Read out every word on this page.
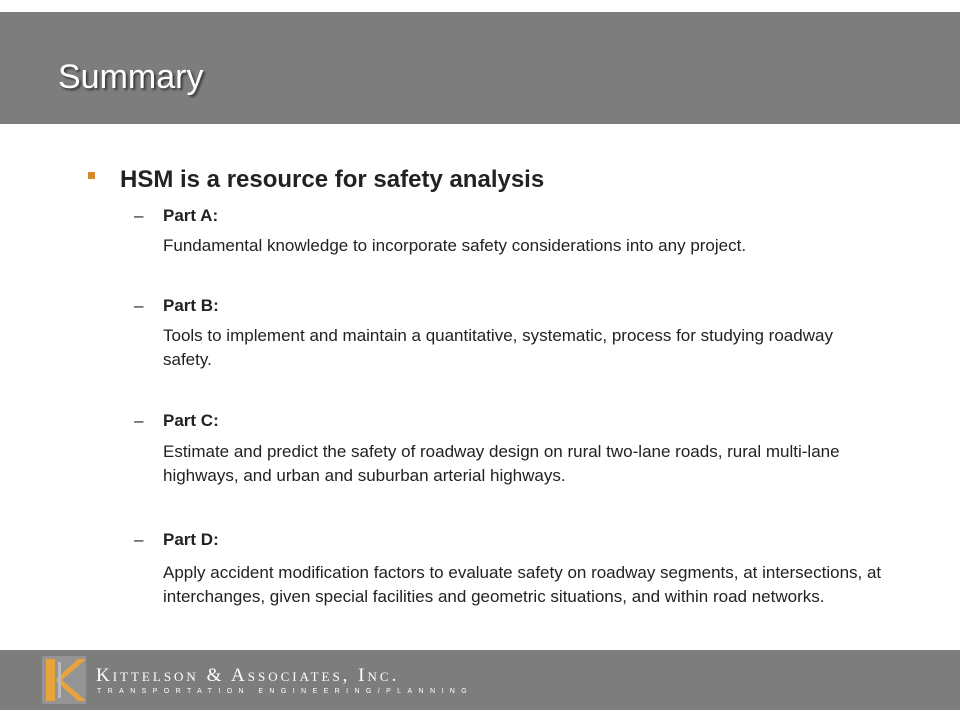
Summary
HSM is a resource for safety analysis
– Part A:
Fundamental knowledge to incorporate safety considerations into any project.
– Part B:
Tools to implement and maintain a quantitative, systematic, process for studying roadway safety.
– Part C:
Estimate and predict the safety of roadway design on rural two-lane roads, rural multi-lane highways, and urban and suburban arterial highways.
– Part D:
Apply accident modification factors to evaluate safety on roadway segments, at intersections, at interchanges, given special facilities and geometric situations, and within road networks.
Kittelson & Associates, Inc.
TRANSPORTATION ENGINEERING/PLANNING
